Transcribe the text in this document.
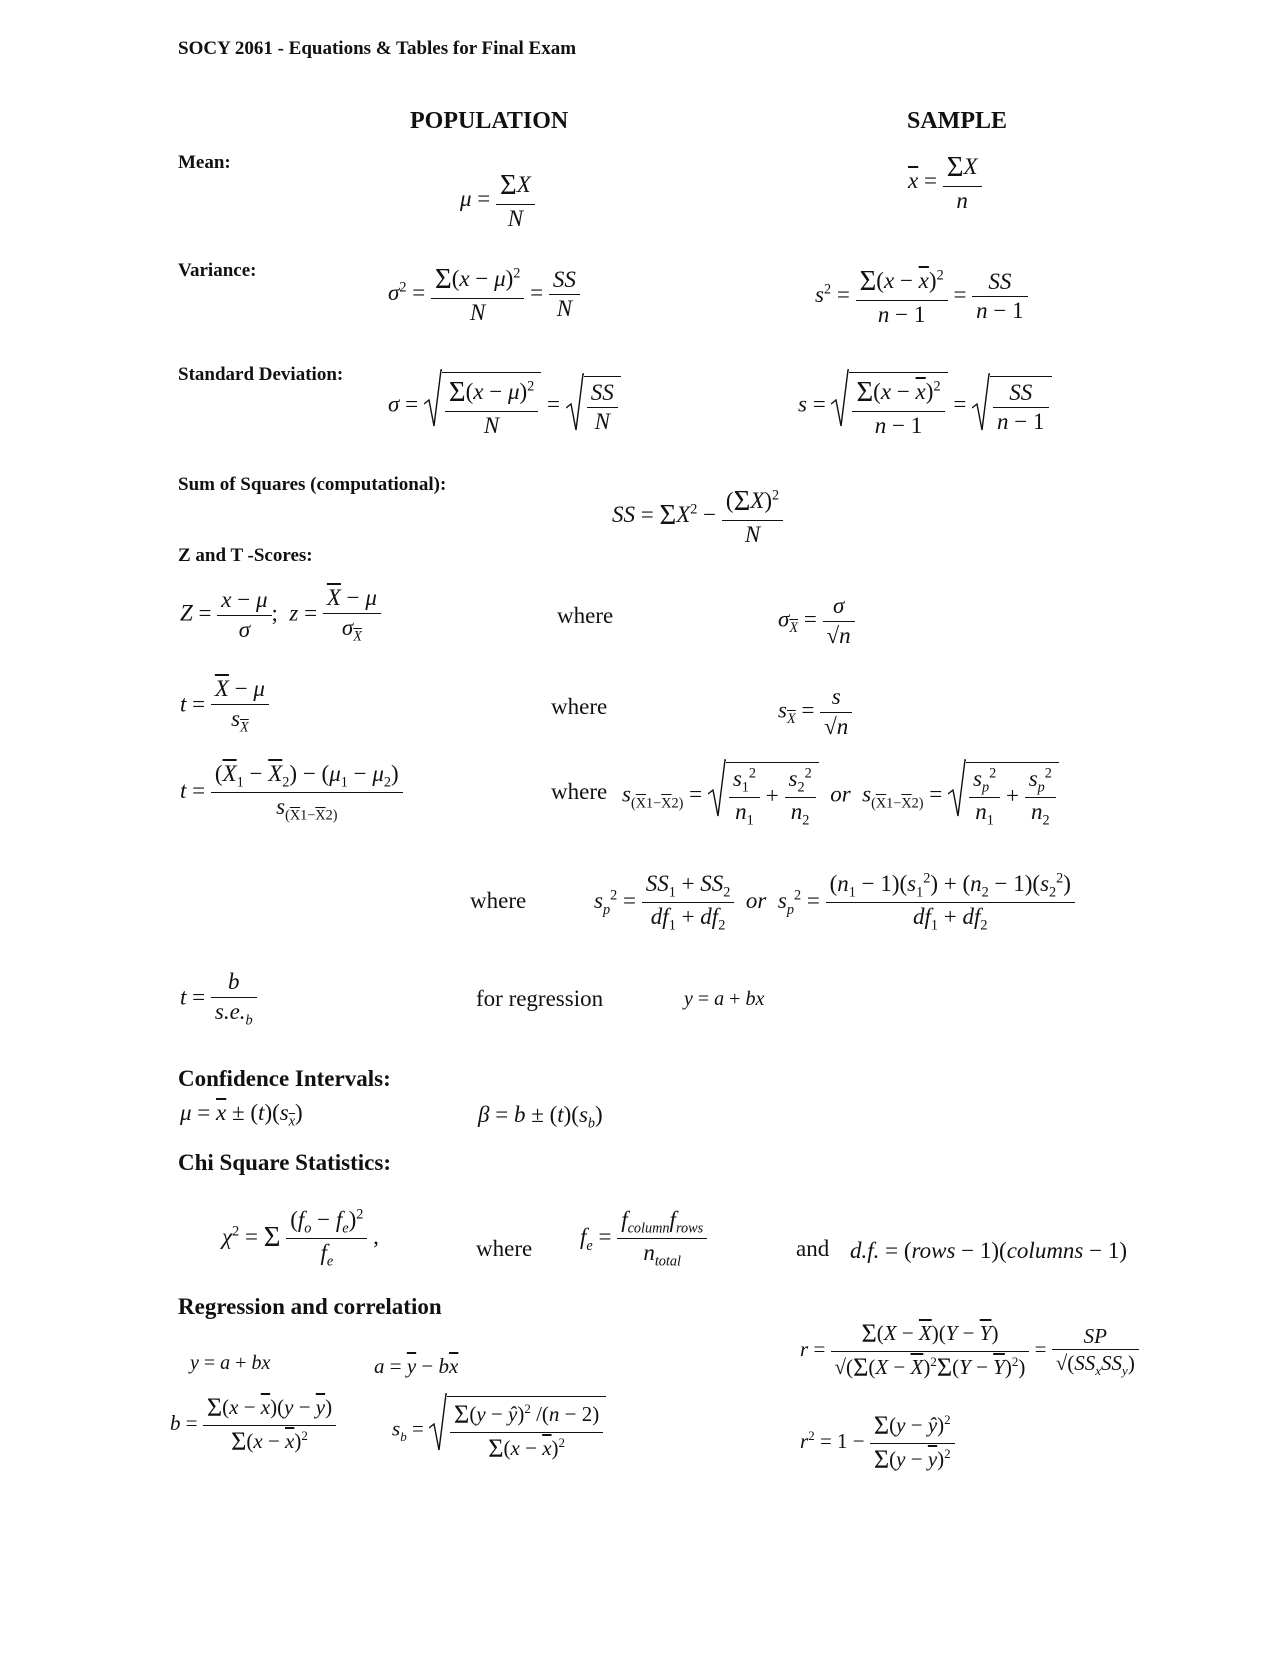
SOCY 2061 - Equations & Tables for Final Exam
POPULATION	SAMPLE
Mean:
$\mu = \frac{\Sigma X}{N}$	$\overline{x} = \frac{\Sigma X}{n}$
Variance:
$\sigma^2 = \frac{\Sigma(x - \mu)^2}{N} = \frac{SS}{N}$	$s^2 = \frac{\Sigma(x - \overline{x})^2}{n - 1} = \frac{SS}{n - 1}$
Standard Deviation:
$\sigma = \frac{\Sigma(x - \mu)^2}{N} = \frac{SS}{N}$	$s = \frac{\Sigma(x - \overline{x})^2}{n - 1} = \frac{SS}{n - 1}$
Sum of Squares (computational):
SS = $\Sigma X^2 - \frac{(\Sigma X)^2}{N}$
Z and T -Scores:
$Z = \frac{x - \mu}{\sigma}$ ;  $z = \frac{\overline{X} - \mu}{\sigma_{\overline{X}}}$	where	$\sigma_{\overline{X}} = \frac{\sigma}{√n}$
$t = \frac{\overline{X} - \mu}{s_{\overline{X}}}$	where	$s_{\overline{X}} = \frac{s}{√n}$
$t = \frac{(\overline{X}_1 - \overline{X}_2) - (\mu_1 - \mu_2)}{s_{(\overline{X}1-\overline{X}2)}}$	where $s_{(\overline{X}1-\overline{X}2)} = \frac{s_1^2}{n_1} + \frac{s_2^2}{n_2}$ or $s_{(\overline{X}1-\overline{X}2)} = \frac{s_p^2}{n_1} + \frac{s_p^2}{n_2}$
where	$s_p^2 = \frac{SS_1 + SS_2}{df_1 + df_2}$ or $s_p^2 = \frac{(n_1 - 1)(s_1^2) + (n_2 - 1)(s_2^2)}{df_1 + df_2}$
$t = \frac{b}{s.e._b}$	for regression	y = a + bx
Confidence Intervals:
$\mu = \overline{x} \pm (t)(s_{\overline{x}})$	$\beta = b \pm (t)(s_b)$
Chi Square Statistics:
$\chi^2 = \Sigma \frac{(f_o - f_e)^2}{f_e}$ ,	where $f_e = \frac{f_{column}f_{rows}}{n_{total}}$	and d.f. = (rows − 1)(columns − 1)
Regression and correlation
y = a + bx	$a = \overline{y} - b\overline{x}$
$b = \frac{\Sigma(x - \overline{x})(y - \overline{y})}{\Sigma(x - \overline{x})^2}$	$s_b = \frac{\Sigma(y - ŷ)^2 /(n - 2)}{\Sigma(x - \overline{x})^2}$
$r = \frac{\Sigma(X - \overline{X})(Y - \overline{Y})}{√(\Sigma(X - \overline{X})^2\Sigma(Y - \overline{Y})^2)} = \frac{SP}{√(SS_xSS_y)}$
$r^2 = 1 - \frac{\Sigma(y - ŷ)^2}{\Sigma(y - \overline{y})^2}$
